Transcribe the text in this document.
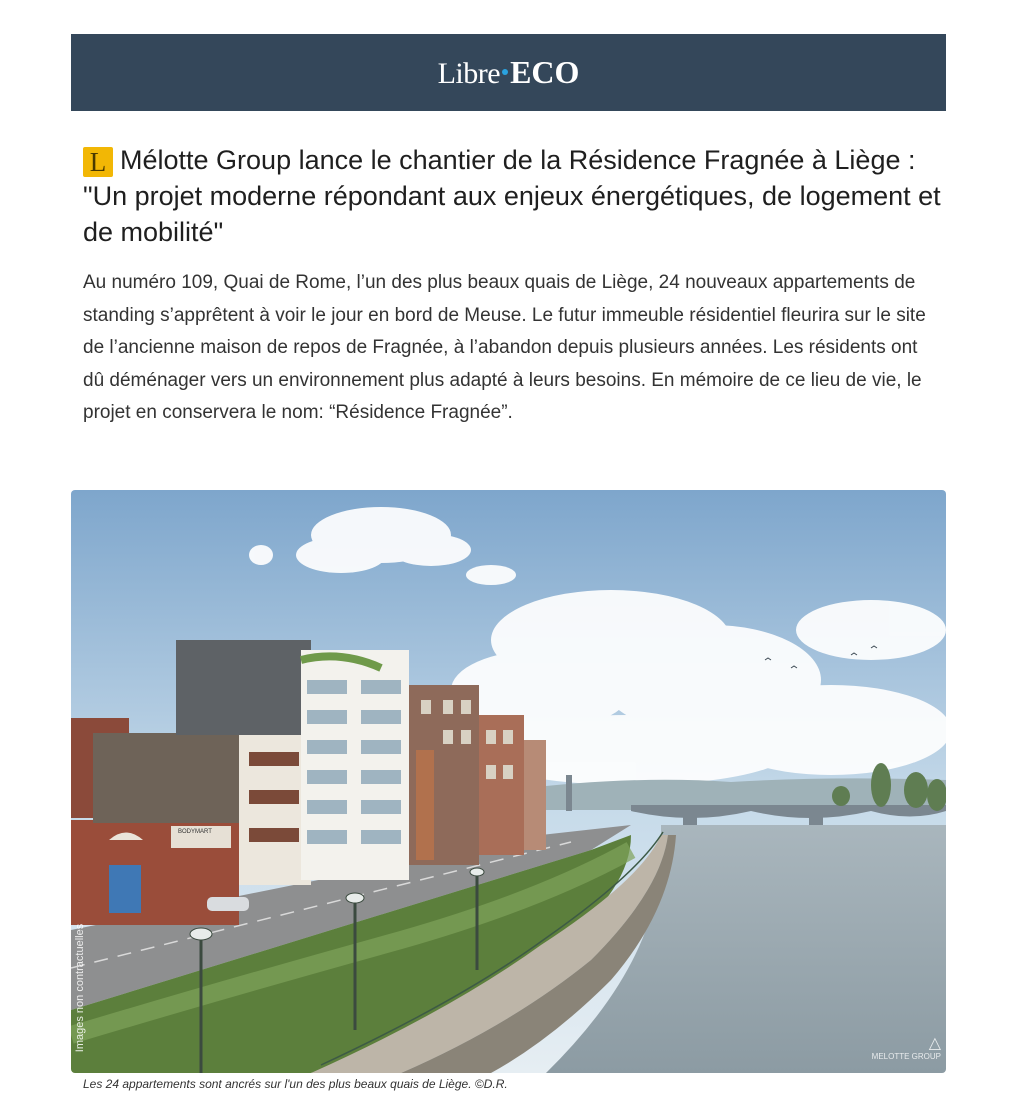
Libre ECO
L Mélotte Group lance le chantier de la Résidence Fragnée à Liège : "Un projet moderne répondant aux enjeux énergétiques, de logement et de mobilité"

Au numéro 109, Quai de Rome, l’un des plus beaux quais de Liège, 24 nouveaux appartements de standing s’apprêtent à voir le jour en bord de Meuse. Le futur immeuble résidentiel fleurira sur le site de l’ancienne maison de repos de Fragnée, à l’abandon depuis plusieurs années. Les résidents ont dû déménager vers un environnement plus adapté à leurs besoins. En mémoire de ce lieu de vie, le projet en conservera le nom: “Résidence Fragnée”.

BODYMART
Images non contractuelles	△
MELOTTE GROUP

Les 24 appartements sont ancrés sur l'un des plus beaux quais de Liège. ©D.R.
